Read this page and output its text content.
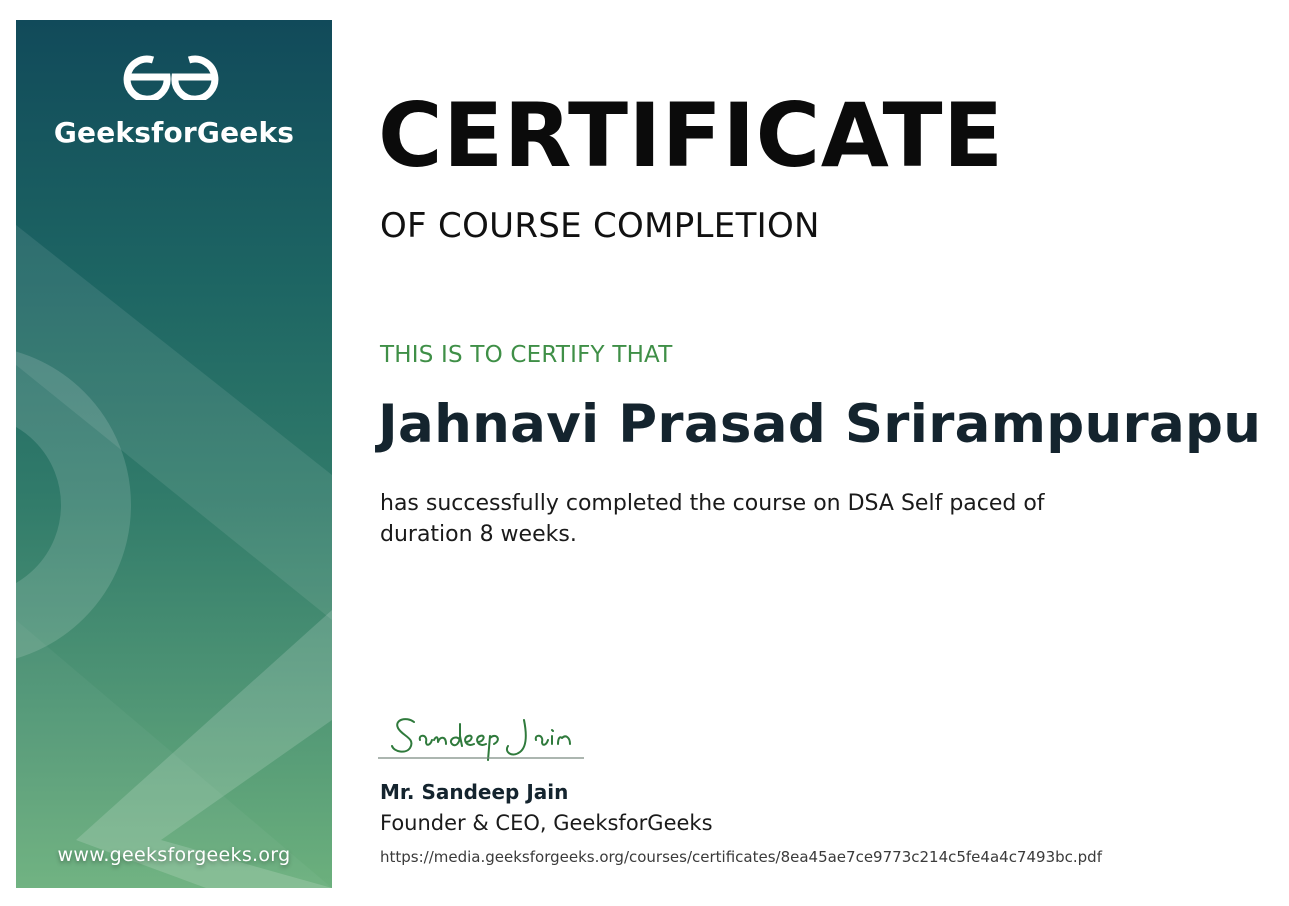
GeeksforGeeks
www.geeksforgeeks.org
CERTIFICATE
OF COURSE COMPLETION
THIS IS TO CERTIFY THAT
Jahnavi Prasad Srirampurapu
has successfully completed the course on DSA Self paced of
duration 8 weeks.
Mr. Sandeep Jain
Founder & CEO, GeeksforGeeks
https://media.geeksforgeeks.org/courses/certificates/8ea45ae7ce9773c214c5fe4a4c7493bc.pdf
